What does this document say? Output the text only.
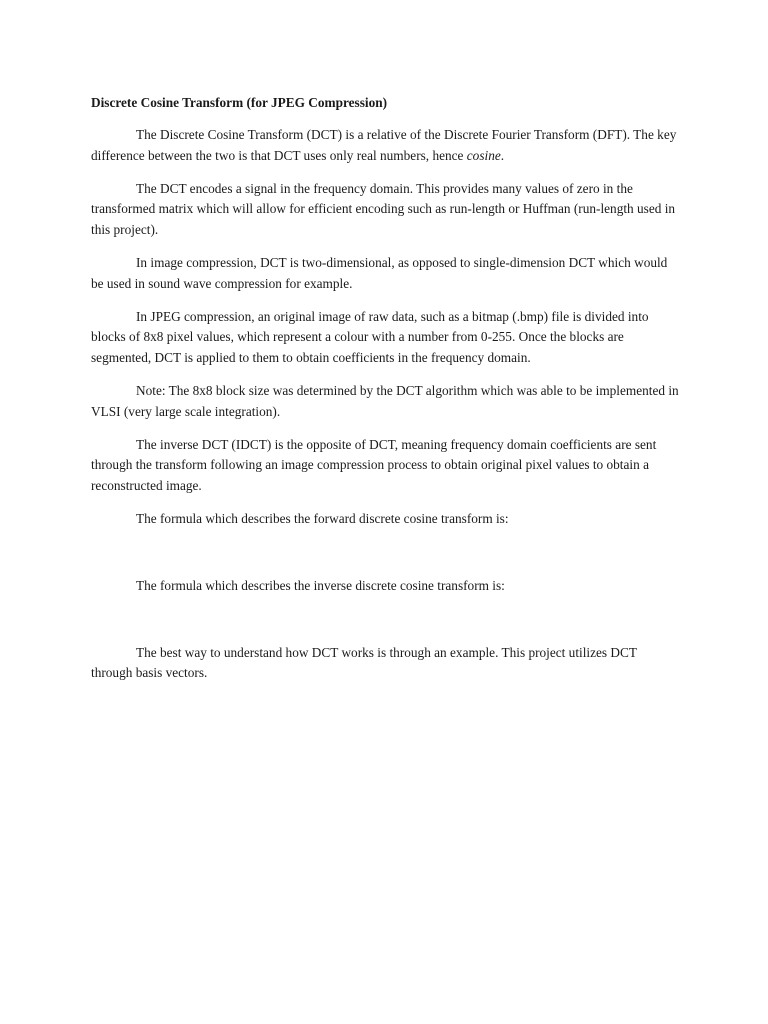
Discrete Cosine Transform (for JPEG Compression)

The Discrete Cosine Transform (DCT) is a relative of the Discrete Fourier Transform (DFT). The key difference between the two is that DCT uses only real numbers, hence cosine.

The DCT encodes a signal in the frequency domain. This provides many values of zero in the transformed matrix which will allow for efficient encoding such as run-length or Huffman (run-length used in this project).

In image compression, DCT is two-dimensional, as opposed to single-dimension DCT which would be used in sound wave compression for example.

In JPEG compression, an original image of raw data, such as a bitmap (.bmp) file is divided into blocks of 8x8 pixel values, which represent a colour with a number from 0-255. Once the blocks are segmented, DCT is applied to them to obtain coefficients in the frequency domain.

Note: The 8x8 block size was determined by the DCT algorithm which was able to be implemented in VLSI (very large scale integration).

The inverse DCT (IDCT) is the opposite of DCT, meaning frequency domain coefficients are sent through the transform following an image compression process to obtain original pixel values to obtain a reconstructed image.

The formula which describes the forward discrete cosine transform is:

The formula which describes the inverse discrete cosine transform is:

The best way to understand how DCT works is through an example. This project utilizes DCT through basis vectors.
